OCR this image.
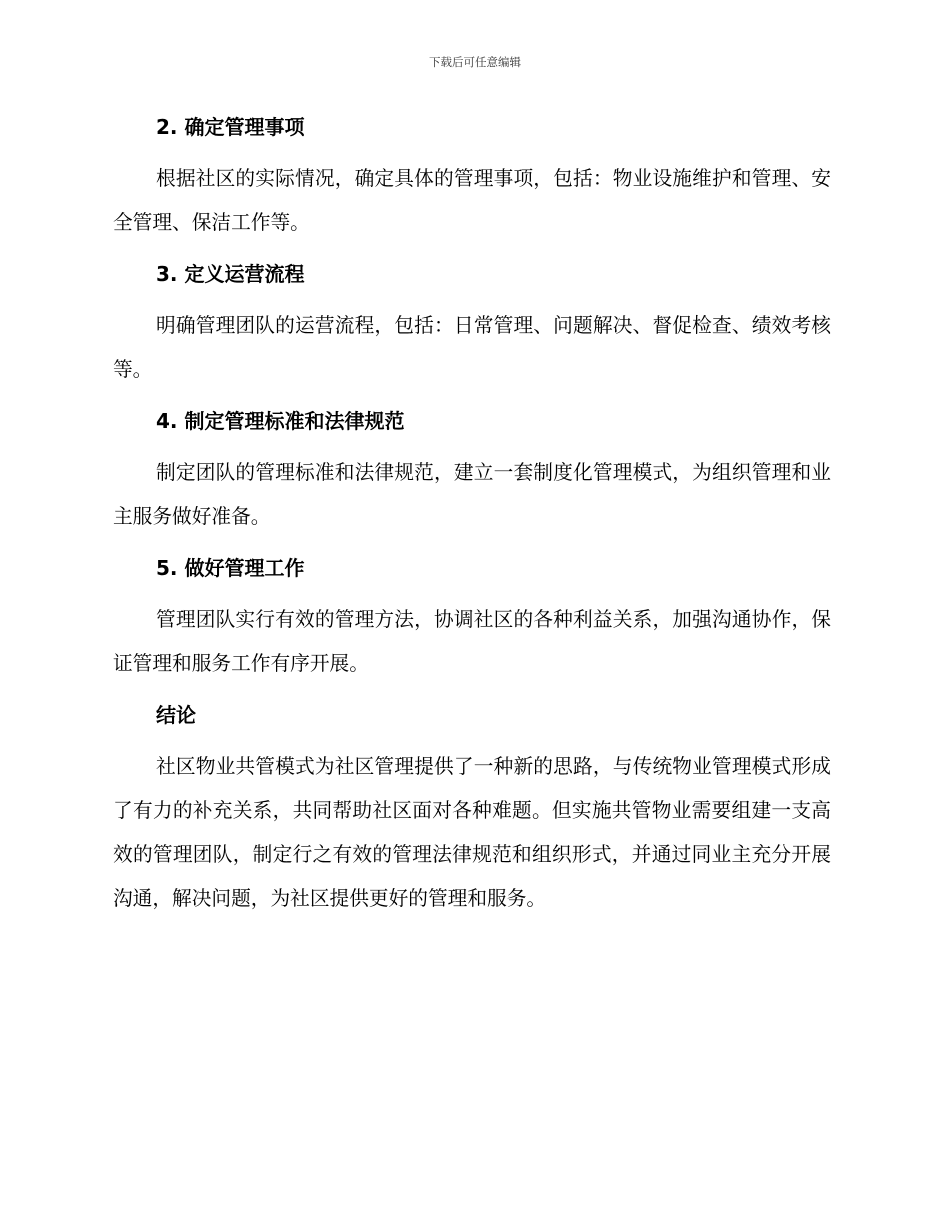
下载后可任意编辑
2. 确定管理事项

根据社区的实际情况，确定具体的管理事项，包括：物业设施维护和管理、安全管理、保洁工作等。

3. 定义运营流程

明确管理团队的运营流程，包括：日常管理、问题解决、督促检查、绩效考核等。

4. 制定管理标准和法律规范

制定团队的管理标准和法律规范，建立一套制度化管理模式，为组织管理和业主服务做好准备。

5. 做好管理工作

管理团队实行有效的管理方法，协调社区的各种利益关系，加强沟通协作，保证管理和服务工作有序开展。

结论

社区物业共管模式为社区管理提供了一种新的思路，与传统物业管理模式形成了有力的补充关系，共同帮助社区面对各种难题。但实施共管物业需要组建一支高效的管理团队，制定行之有效的管理法律规范和组织形式，并通过同业主充分开展沟通，解决问题，为社区提供更好的管理和服务。
